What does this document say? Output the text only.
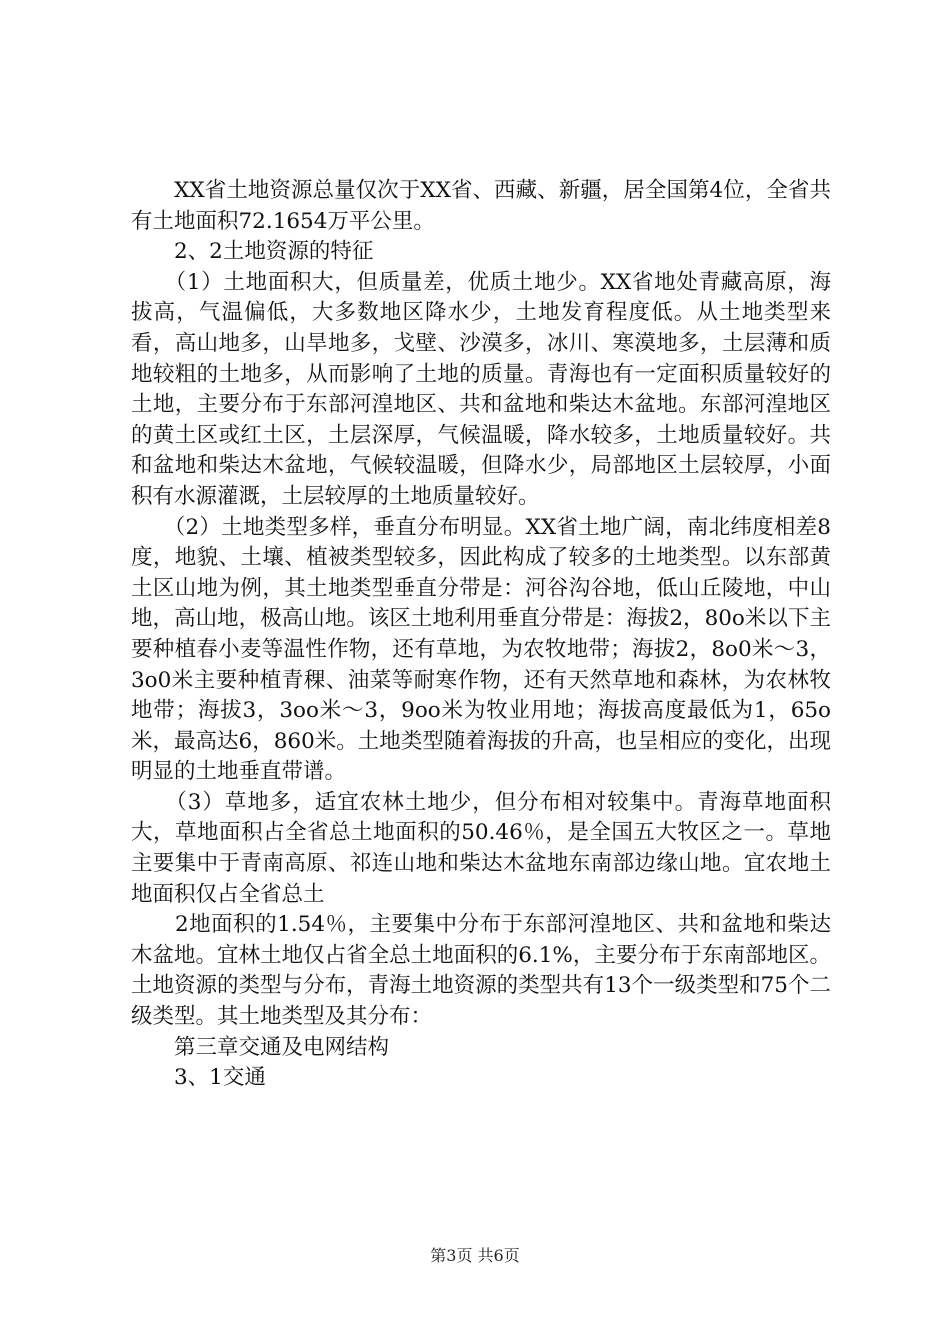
　　XX省土地资源总量仅次于XX省、西藏、新疆，居全国第4位，全省共有土地面积72.1654万平公里。

　　2、2土地资源的特征

　　（1）土地面积大，但质量差，优质土地少。XX省地处青藏高原，海拔高，气温偏低，大多数地区降水少，土地发育程度低。从土地类型来看，高山地多，山旱地多，戈壁、沙漠多，冰川、寒漠地多，土层薄和质地较粗的土地多，从而影响了土地的质量。青海也有一定面积质量较好的土地，主要分布于东部河湟地区、共和盆地和柴达木盆地。东部河湟地区的黄土区或红土区，土层深厚，气候温暖，降水较多，土地质量较好。共和盆地和柴达木盆地，气候较温暖，但降水少，局部地区土层较厚，小面积有水源灌溉，土层较厚的土地质量较好。

　　（2）土地类型多样，垂直分布明显。XX省土地广阔，南北纬度相差8度，地貌、土壤、植被类型较多，因此构成了较多的土地类型。以东部黄土区山地为例，其土地类型垂直分带是：河谷沟谷地，低山丘陵地，中山地，高山地，极高山地。该区土地利用垂直分带是：海拔2，80o米以下主要种植春小麦等温性作物，还有草地，为农牧地带；海拔2，8o0米～3，3o0米主要种植青稞、油菜等耐寒作物，还有天然草地和森林，为农林牧地带；海拔3，3oo米～3，9oo米为牧业用地；海拔高度最低为1，65o米，最高达6，860米。土地类型随着海拔的升高，也呈相应的变化，出现明显的土地垂直带谱。

　　（3）草地多，适宜农林土地少，但分布相对较集中。青海草地面积大，草地面积占全省总土地面积的50.46％，是全国五大牧区之一。草地主要集中于青南高原、祁连山地和柴达木盆地东南部边缘山地。宜农地土地面积仅占全省总土

　　2地面积的1.54％，主要集中分布于东部河湟地区、共和盆地和柴达木盆地。宜林土地仅占省全总土地面积的6.1%，主要分布于东南部地区。土地资源的类型与分布，青海土地资源的类型共有13个一级类型和75个二级类型。其土地类型及其分布：

　　第三章交通及电网结构

　　3、1交通

第3页 共6页
